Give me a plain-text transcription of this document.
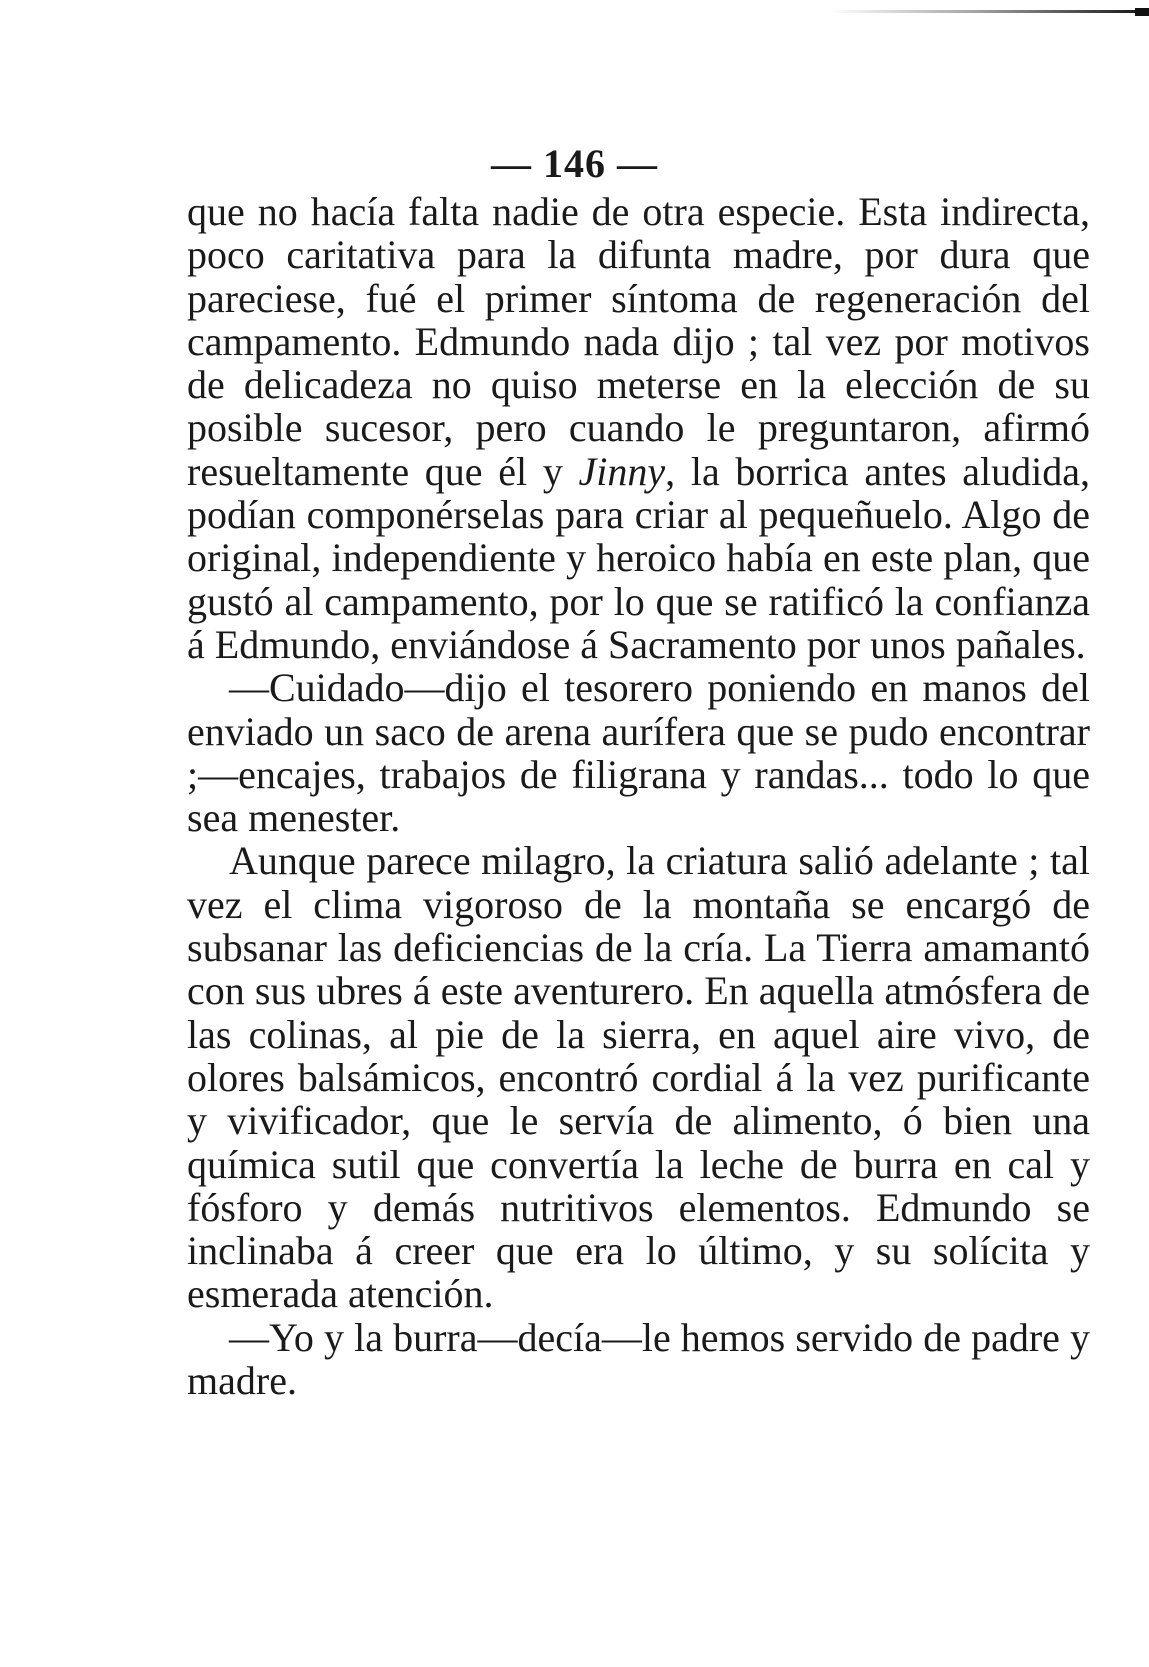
— 146 —

que no hacía falta nadie de otra especie. Esta indirecta, poco caritativa para la difunta madre, por dura que pareciese, fué el primer síntoma de regeneración del campamento. Edmundo nada dijo ; tal vez por motivos de delicadeza no quiso meterse en la elección de su posible sucesor, pero cuando le preguntaron, afirmó resueltamente que él y Jinny, la borrica antes aludida, podían componérselas para criar al pequeñuelo. Algo de original, independiente y heroico había en este plan, que gustó al campamento, por lo que se ratificó la confianza á Edmundo, enviándose á Sacramento por unos pañales.

—Cuidado—dijo el tesorero poniendo en manos del enviado un saco de arena aurífera que se pudo encontrar ;—encajes, trabajos de filigrana y randas... todo lo que sea menester.

Aunque parece milagro, la criatura salió adelante ; tal vez el clima vigoroso de la montaña se encargó de subsanar las deficiencias de la cría. La Tierra amamantó con sus ubres á este aventurero. En aquella atmósfera de las colinas, al pie de la sierra, en aquel aire vivo, de olores balsámicos, encontró cordial á la vez purificante y vivificador, que le servía de alimento, ó bien una química sutil que convertía la leche de burra en cal y fósforo y demás nutritivos elementos. Edmundo se inclinaba á creer que era lo último, y su solícita y esmerada atención.

—Yo y la burra—decía—le hemos servido de padre y madre.
